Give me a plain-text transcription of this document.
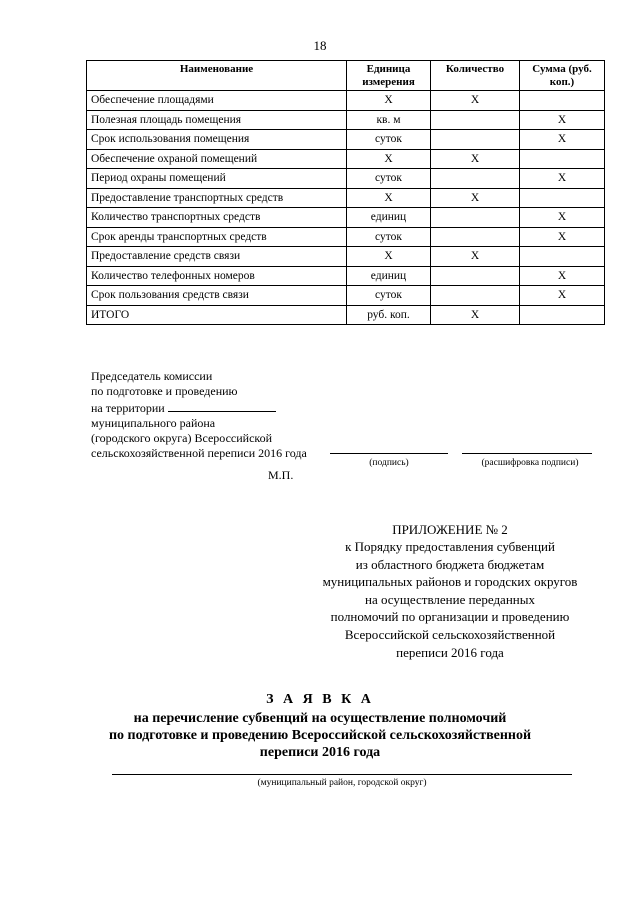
18
Наименование	Единица измерения	Количество	Сумма (руб. коп.)
Обеспечение площадями	Х	Х	
Полезная площадь помещения	кв. м		Х
Срок использования помещения	суток		Х
Обеспечение охраной помещений	Х	Х	
Период охраны помещений	суток		Х
Предоставление транспортных средств	Х	Х	
Количество транспортных средств	единиц		Х
Срок аренды транспортных средств	суток		Х
Предоставление средств связи	Х	Х	
Количество телефонных номеров	единиц		Х
Срок пользования средств связи	суток		Х
ИТОГО	руб. коп.	Х	
Председатель комиссии
по подготовке и проведению
на территории
муниципального района
(городского округа) Всероссийской
сельскохозяйственной переписи 2016 года
(подпись)	(расшифровка подписи)
М.П.
ПРИЛОЖЕНИЕ № 2
к Порядку предоставления субвенций
из областного бюджета бюджетам
муниципальных районов и городских округов
на осуществление переданных
полномочий по организации и проведению
Всероссийской сельскохозяйственной
переписи 2016 года
З А Я В К А
на перечисление субвенций на осуществление полномочий
по подготовке и проведению Всероссийской сельскохозяйственной
переписи 2016 года
(муниципальный район, городской округ)
